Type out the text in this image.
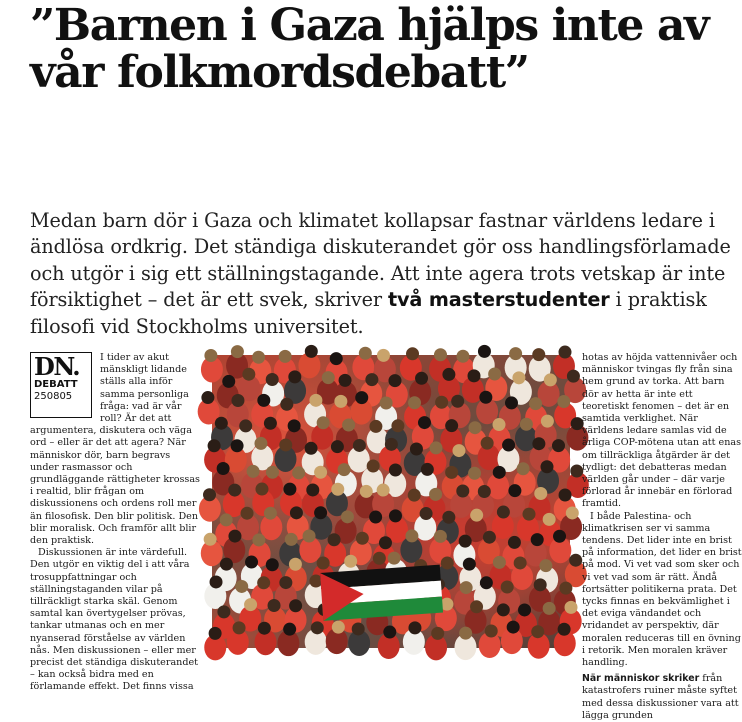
”Barnen i Gaza hjälps inte av vår folkmordsdebatt”

Medan barn dör i Gaza och klimatet kollapsar fastnar världens ledare i ändlösa ordkrig. Det ständiga diskuterandet gör oss handlingsförlamade och utgör i sig ett ställningstagande. Att inte agera trots vetskap är inte försiktighet – det är ett svek, skriver två masterstudenter i praktisk filosofi vid Stockholms universitet.

DN.
DEBATT
250805

I tider av akut mänskligt lidande ställs alla inför samma personliga fråga: vad är vår roll? Är det att argumentera, diskutera och väga ord – eller är det att agera? När människor dör, barn begravs under rasmassor och grundläggande rättigheter krossas i realtid, blir frågan om diskussionens och ordens roll mer än filosofisk. Den blir politisk. Den blir moralisk. Och framför allt blir den praktisk.

Diskussionen är inte värdefull. Den utgör en viktig del i att våra trosuppfattningar och ställningstaganden vilar på tillräckligt starka skäl. Genom samtal kan övertygelser prövas, tankar utmanas och en mer nyanserad förståelse av världen nås. Men diskussionen – eller mer precist det ständiga diskuterandet – kan också bidra med en förlamande effekt. Det finns vissa

hotas av höjda vattennivåer och människor tvingas fly från sina hem grund av torka. Att barn dör av hetta är inte ett teoretiskt fenomen – det är en samtida verklighet. När världens ledare samlas vid de årliga COP-mötena utan att enas om tillräckliga åtgärder är det tydligt: det debatteras medan världen går under – där varje förlorad år innebär en förlorad framtid.

I både Palestina- och klimatkrisen ser vi samma tendens. Det lider inte en brist på information, det lider en brist på mod. Vi vet vad som sker och vi vet vad som är rätt. Ändå fortsätter politikerna prata. Det tycks finnas en bekvämlighet i det eviga vändandet och vridandet av perspektiv, där moralen reduceras till en övning i retorik. Men moralen kräver handling.

När människor skriker från katastrofers ruiner måste syftet med dessa diskussioner vara att lägga grunden
